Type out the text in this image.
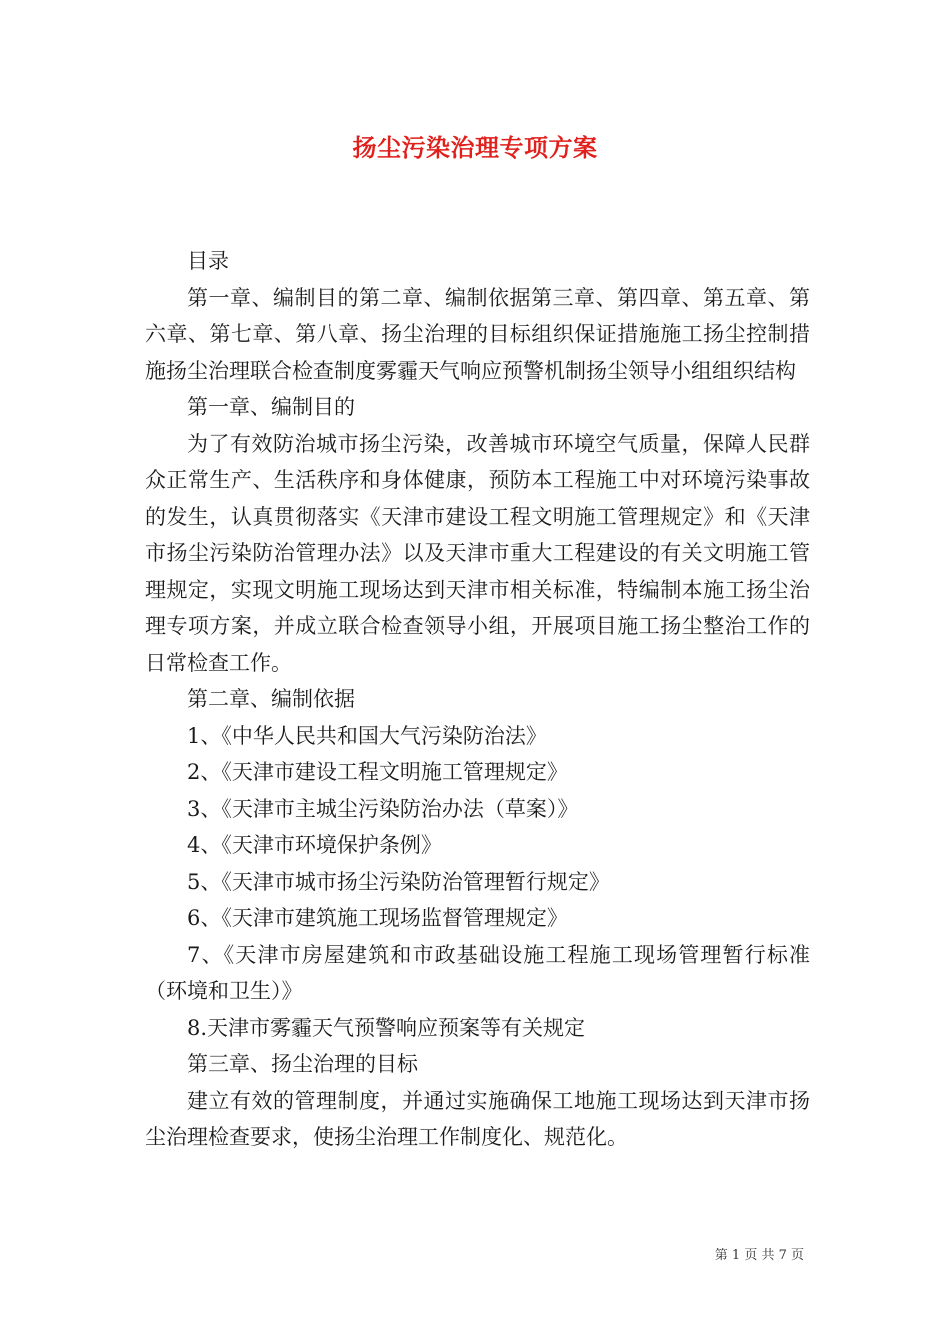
扬尘污染治理专项方案

目录

第一章、编制目的第二章、编制依据第三章、第四章、第五章、第六章、第七章、第八章、扬尘治理的目标组织保证措施施工扬尘控制措施扬尘治理联合检查制度雾霾天气响应预警机制扬尘领导小组组织结构

第一章、编制目的

为了有效防治城市扬尘污染，改善城市环境空气质量，保障人民群众正常生产、生活秩序和身体健康，预防本工程施工中对环境污染事故的发生，认真贯彻落实《天津市建设工程文明施工管理规定》和《天津市扬尘污染防治管理办法》以及天津市重大工程建设的有关文明施工管理规定，实现文明施工现场达到天津市相关标准，特编制本施工扬尘治理专项方案，并成立联合检查领导小组，开展项目施工扬尘整治工作的日常检查工作。

第二章、编制依据

1、《中华人民共和国大气污染防治法》

2、《天津市建设工程文明施工管理规定》

3、《天津市主城尘污染防治办法（草案）》

4、《天津市环境保护条例》

5、《天津市城市扬尘污染防治管理暂行规定》

6、《天津市建筑施工现场监督管理规定》

7、《天津市房屋建筑和市政基础设施工程施工现场管理暂行标准（环境和卫生）》

8.天津市雾霾天气预警响应预案等有关规定

第三章、扬尘治理的目标

建立有效的管理制度，并通过实施确保工地施工现场达到天津市扬尘治理检查要求，使扬尘治理工作制度化、规范化。

第 1 页 共 7 页
